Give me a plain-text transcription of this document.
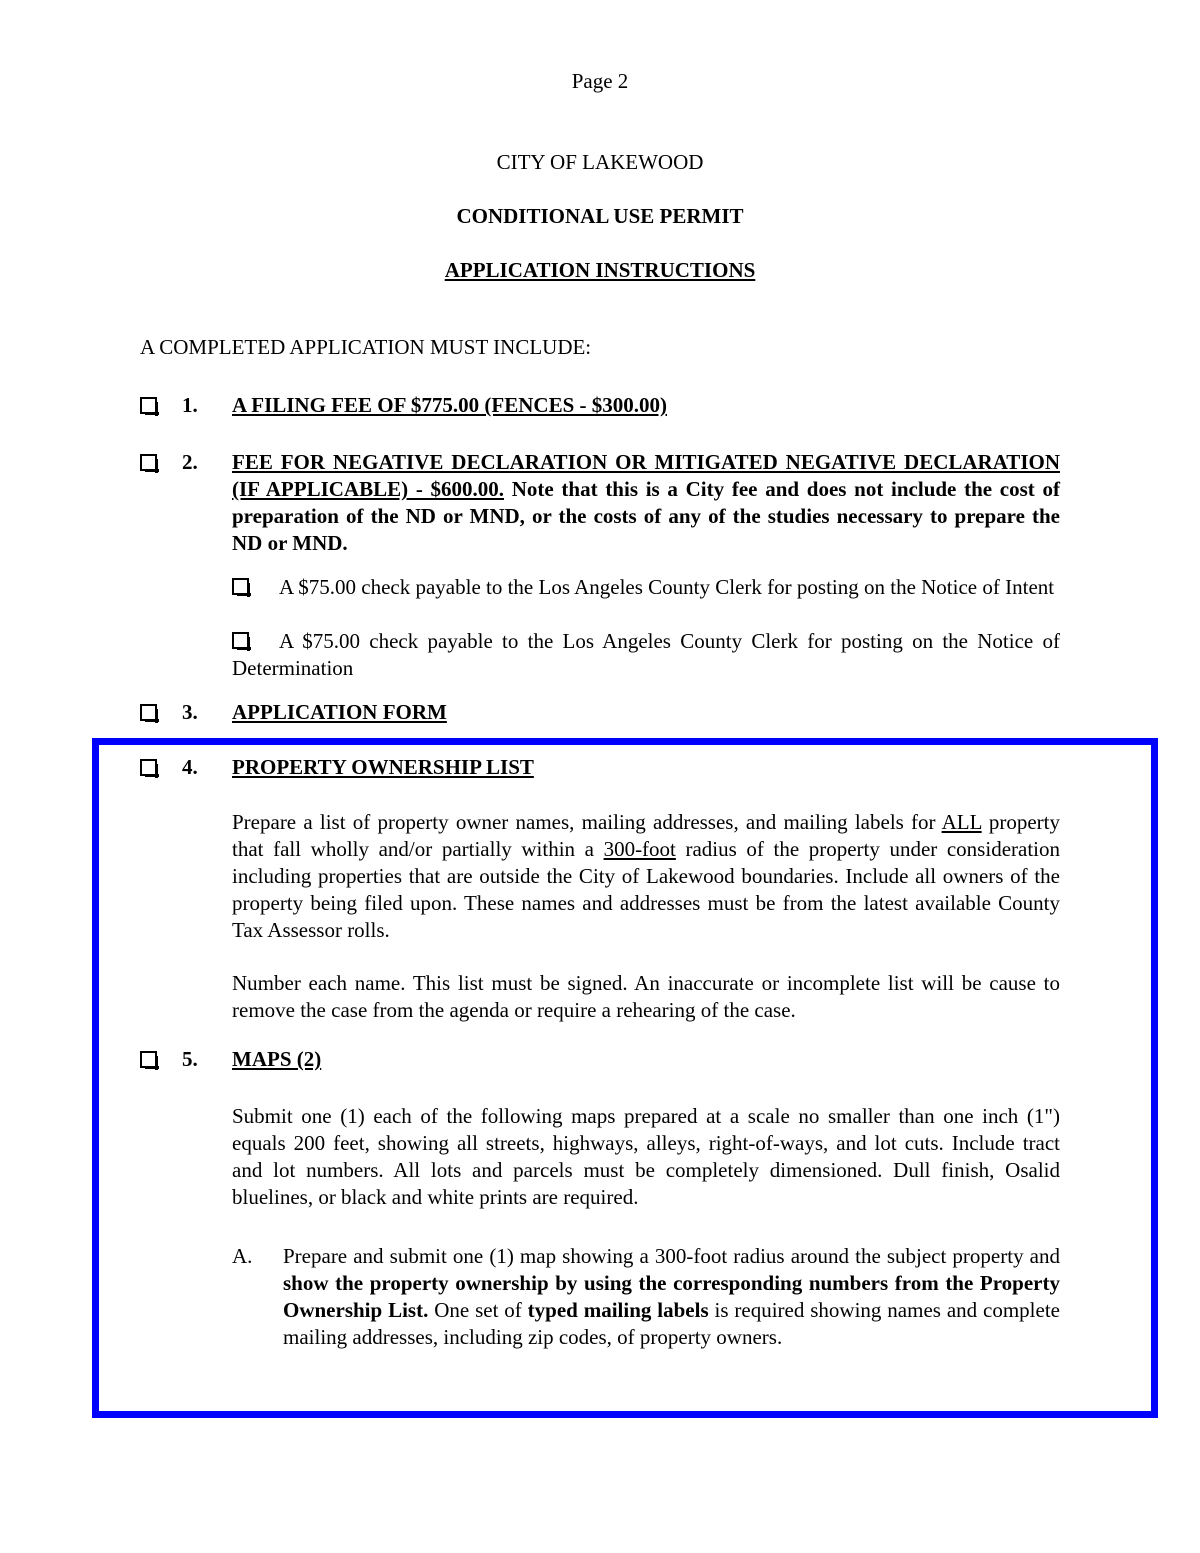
Page 2
CITY OF LAKEWOOD
CONDITIONAL USE PERMIT
APPLICATION INSTRUCTIONS
A COMPLETED APPLICATION MUST INCLUDE:
1. A FILING FEE OF $775.00 (FENCES - $300.00)
2. FEE FOR NEGATIVE DECLARATION OR MITIGATED NEGATIVE DECLARATION (IF APPLICABLE) - $600.00. Note that this is a City fee and does not include the cost of preparation of the ND or MND, or the costs of any of the studies necessary to prepare the ND or MND.
A $75.00 check payable to the Los Angeles County Clerk for posting on the Notice of Intent
A $75.00 check payable to the Los Angeles County Clerk for posting on the Notice of Determination
3. APPLICATION FORM
4. PROPERTY OWNERSHIP LIST
Prepare a list of property owner names, mailing addresses, and mailing labels for ALL property that fall wholly and/or partially within a 300-foot radius of the property under consideration including properties that are outside the City of Lakewood boundaries. Include all owners of the property being filed upon. These names and addresses must be from the latest available County Tax Assessor rolls.
Number each name. This list must be signed. An inaccurate or incomplete list will be cause to remove the case from the agenda or require a rehearing of the case.
5. MAPS (2)
Submit one (1) each of the following maps prepared at a scale no smaller than one inch (1") equals 200 feet, showing all streets, highways, alleys, right-of-ways, and lot cuts. Include tract and lot numbers. All lots and parcels must be completely dimensioned. Dull finish, Osalid bluelines, or black and white prints are required.
A. Prepare and submit one (1) map showing a 300-foot radius around the subject property and show the property ownership by using the corresponding numbers from the Property Ownership List. One set of typed mailing labels is required showing names and complete mailing addresses, including zip codes, of property owners.
